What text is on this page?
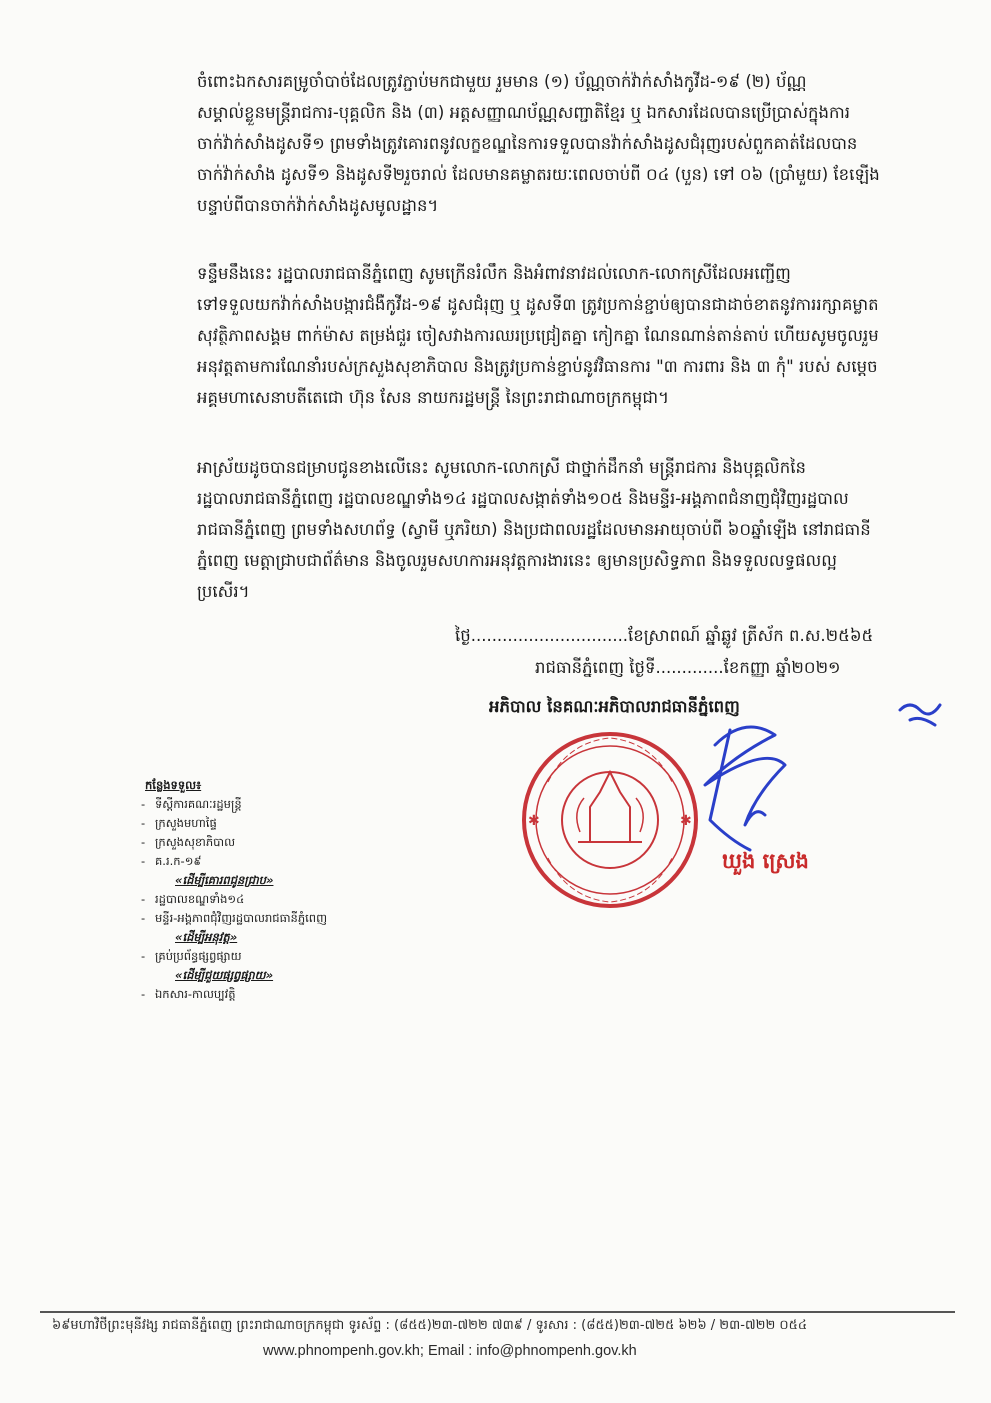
ចំពោះឯកសារគម្រូចាំបាច់ដែលត្រូវភ្ជាប់មកជាមួយ រួមមាន (១) ប័ណ្ណចាក់វ៉ាក់សាំងកូវីដ-១៩ (២) ប័ណ្ណ
សម្គាល់ខ្លួនមន្ត្រីរាជការ-បុគ្គលិក និង (៣) អត្តសញ្ញាណប័ណ្ណសញ្ជាតិខ្មែរ ឬ ឯកសារដែលបានប្រើប្រាស់ក្នុងការ
ចាក់វ៉ាក់សាំងដូសទី១ ព្រមទាំងត្រូវគោរពនូវលក្ខខណ្ឌនៃការទទួលបានវ៉ាក់សាំងដូសជំរុញរបស់ពួកគាត់ដែលបាន
ចាក់វ៉ាក់សាំង ដូសទី១ និងដូសទី២រួចរាល់ ដែលមានគម្លាតរយៈពេលចាប់ពី ០៤ (បួន) ទៅ ០៦ (ប្រាំមួយ) ខែឡើង
បន្ទាប់ពីបានចាក់វ៉ាក់សាំងដូសមូលដ្ឋាន។
ទន្ទឹមនឹងនេះ រដ្ឋបាលរាជធានីភ្នំពេញ សូមក្រើនរំលឹក និងអំពាវនាវដល់លោក-លោកស្រីដែលអញ្ជើញ
ទៅទទួលយកវ៉ាក់សាំងបង្ការជំងឺកូវីដ-១៩ ដូសជំរុញ ឬ ដូសទី៣ ត្រូវប្រកាន់ខ្ជាប់ឲ្យបានជាដាច់ខាតនូវការរក្សាគម្លាត
សុវត្ថិភាពសង្គម ពាក់ម៉ាស តម្រង់ជួរ ចៀសវាងការឈរប្រជ្រៀតគ្នា កៀកគ្នា ណែនណាន់តាន់តាប់ ហើយសូមចូលរួម
អនុវត្តតាមការណែនាំរបស់ក្រសួងសុខាភិបាល និងត្រូវប្រកាន់ខ្ជាប់នូវវិធានការ "៣ ការពារ និង ៣ កុំ" របស់ សម្តេច
អគ្គមហាសេនាបតីតេជោ ហ៊ុន សែន នាយករដ្ឋមន្ត្រី នៃព្រះរាជាណាចក្រកម្ពុជា។
អាស្រ័យដូចបានជម្រាបជូនខាងលើនេះ សូមលោក-លោកស្រី ជាថ្នាក់ដឹកនាំ មន្ត្រីរាជការ និងបុគ្គលិកនៃ
រដ្ឋបាលរាជធានីភ្នំពេញ រដ្ឋបាលខណ្ឌទាំង១៤ រដ្ឋបាលសង្កាត់ទាំង១០៥ និងមន្ទីរ-អង្គភាពជំនាញជុំវិញរដ្ឋបាល
រាជធានីភ្នំពេញ ព្រមទាំងសហព័ទ្ធ (ស្វាមី ឬភរិយា) និងប្រជាពលរដ្ឋដែលមានអាយុចាប់ពី ៦០ឆ្នាំឡើង នៅរាជធានី
ភ្នំពេញ មេត្តាជ្រាបជាព័ត៌មាន និងចូលរួមសហការអនុវត្តការងារនេះ ឲ្យមានប្រសិទ្ធភាព និងទទួលលទ្ធផលល្អ
ប្រសើរ។
ថ្ងៃ..............................ខែស្រាពណ៍ ឆ្នាំឆ្លូវ ត្រីស័ក ព.ស.២៥៦៥
រាជធានីភ្នំពេញ ថ្ងៃទី.............ខែកញ្ញា ឆ្នាំ២០២១
អភិបាល នៃគណៈអភិបាលរាជធានីភ្នំពេញ
✱	✱
ឃួង ស្រេង
កន្លែងទទួល៖
- ទីស្តីការគណៈរដ្ឋមន្ត្រី
- ក្រសួងមហាផ្ទៃ
- ក្រសួងសុខាភិបាល
- គ.រ.ក-១៩
«ដើម្បីគោរពជូនជ្រាប»
- រដ្ឋបាលខណ្ឌទាំង១៤
- មន្ទីរ-អង្គភាពជុំវិញរដ្ឋបាលរាជធានីភ្នំពេញ
«ដើម្បីអនុវត្ត»
- គ្រប់ប្រព័ន្ធផ្សព្វផ្សាយ
«ដើម្បីជួយផ្សព្វផ្សាយ»
- ឯកសារ-កាលប្បវត្តិ
៦៩មហាវិថីព្រះមុនីវង្ស រាជធានីភ្នំពេញ ព្រះរាជាណាចក្រកម្ពុជា ទូរស័ព្ទ : (៨៥៥)២៣-៧២២ ៧៣៩ / ទូរសារ : (៨៥៥)២៣-៧២៥ ៦២៦ / ២៣-៧២២ ០៥៤
www.phnompenh.gov.kh; Email : info@phnompenh.gov.kh
